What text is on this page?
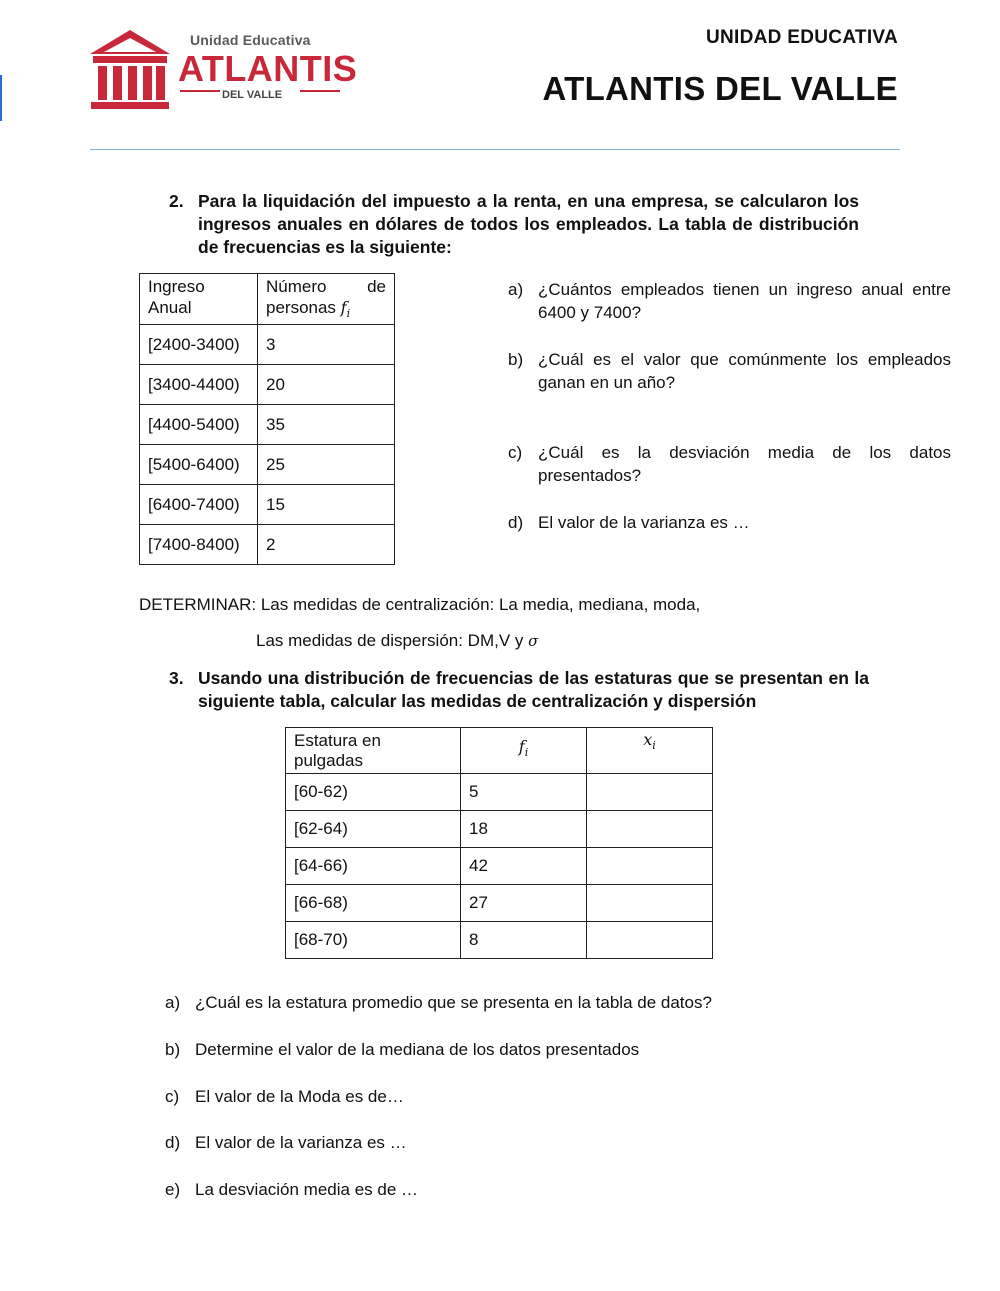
Unidad Educativa
ATLANTIS
DEL VALLE
UNIDAD EDUCATIVA
ATLANTIS DEL VALLE
2. Para la liquidación del impuesto a la renta, en una empresa, se calcularon los ingresos anuales en dólares de todos los empleados. La tabla de distribución de frecuencias es la siguiente:
Ingreso Anual	Número de
personas $f_i$
[2400-3400)	3
[3400-4400)	20
[4400-5400)	35
[5400-6400)	25
[6400-7400)	15
[7400-8400)	2
a) ¿Cuántos empleados tienen un ingreso anual entre 6400 y 7400?
b) ¿Cuál es el valor que comúnmente los empleados ganan en un año?
c) ¿Cuál es la desviación media de los datos presentados?
d) El valor de la varianza es …
DETERMINAR: Las medidas de centralización: La media, mediana, moda,
Las medidas de dispersión: DM,V y σ
3. Usando una distribución de frecuencias de las estaturas que se presentan en la siguiente tabla, calcular las medidas de centralización y dispersión
Estatura en pulgadas	$f_i$	$x_i$
[60-62)	5	
[62-64)	18	
[64-66)	42	
[66-68)	27	
[68-70)	8	
a) ¿Cuál es la estatura promedio que se presenta en la tabla de datos?
b) Determine el valor de la mediana de los datos presentados
c) El valor de la Moda es de…
d) El valor de la varianza es …
e) La desviación media es de …
